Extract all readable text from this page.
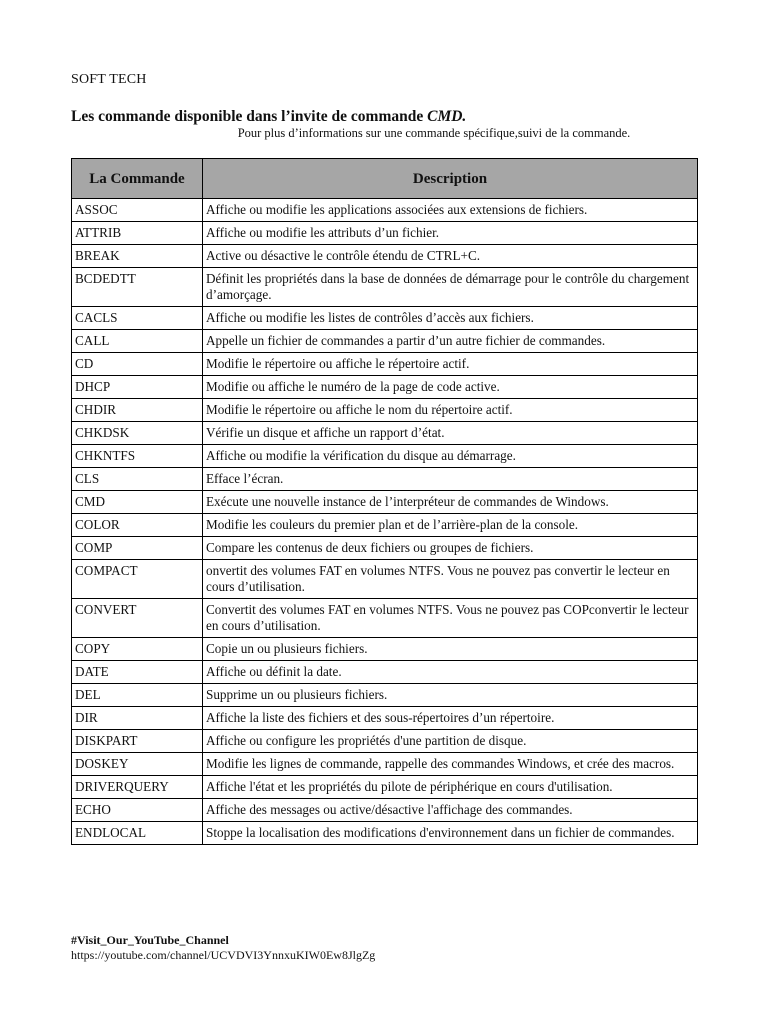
SOFT TECH
Les commande disponible dans l’invite de commande CMD.
Pour plus d’informations sur une commande spécifique,suivi de la commande.
La Commande	Description
ASSOC	Affiche ou modifie les applications associées aux extensions de fichiers.
ATTRIB	Affiche ou modifie les attributs d’un fichier.
BREAK	Active ou désactive le contrôle étendu de CTRL+C.
BCDEDTT	Définit les propriétés dans la base de données de démarrage pour le contrôle du chargement d’amorçage.
CACLS	Affiche ou modifie les listes de contrôles d’accès aux fichiers.
CALL	Appelle un fichier de commandes a partir d’un autre fichier de commandes.
CD	Modifie le répertoire ou affiche le répertoire actif.
DHCP	Modifie ou affiche le numéro de la page de code active.
CHDIR	Modifie le répertoire ou affiche le nom du répertoire actif.
CHKDSK	Vérifie un disque et affiche un rapport d’état.
CHKNTFS	Affiche ou modifie la vérification du disque au démarrage.
CLS	Efface l’écran.
CMD	Exécute une nouvelle instance de l’interpréteur de commandes de Windows.
COLOR	Modifie les couleurs du premier plan et de l’arrière-plan de la console.
COMP	Compare les contenus de deux fichiers ou groupes de fichiers.
COMPACT	onvertit des volumes FAT en volumes NTFS. Vous ne pouvez pas convertir le lecteur en cours d’utilisation.
CONVERT	Convertit des volumes FAT en volumes NTFS. Vous ne pouvez pas COPconvertir le lecteur en cours d’utilisation.
COPY	Copie un ou plusieurs fichiers.
DATE	Affiche ou définit la date.
DEL	Supprime un ou plusieurs fichiers.
DIR	Affiche la liste des fichiers et des sous-répertoires d’un répertoire.
DISKPART	Affiche ou configure les propriétés d'une partition de disque.
DOSKEY	Modifie les lignes de commande, rappelle des commandes Windows, et crée des macros.
DRIVERQUERY	Affiche l'état et les propriétés du pilote de périphérique en cours d'utilisation.
ECHO	Affiche des messages ou active/désactive l'affichage des commandes.
ENDLOCAL	Stoppe la localisation des modifications d'environnement dans un fichier de commandes.
#Visit_Our_YouTube_Channel
https://youtube.com/channel/UCVDVI3YnnxuKIW0Ew8JlgZg
